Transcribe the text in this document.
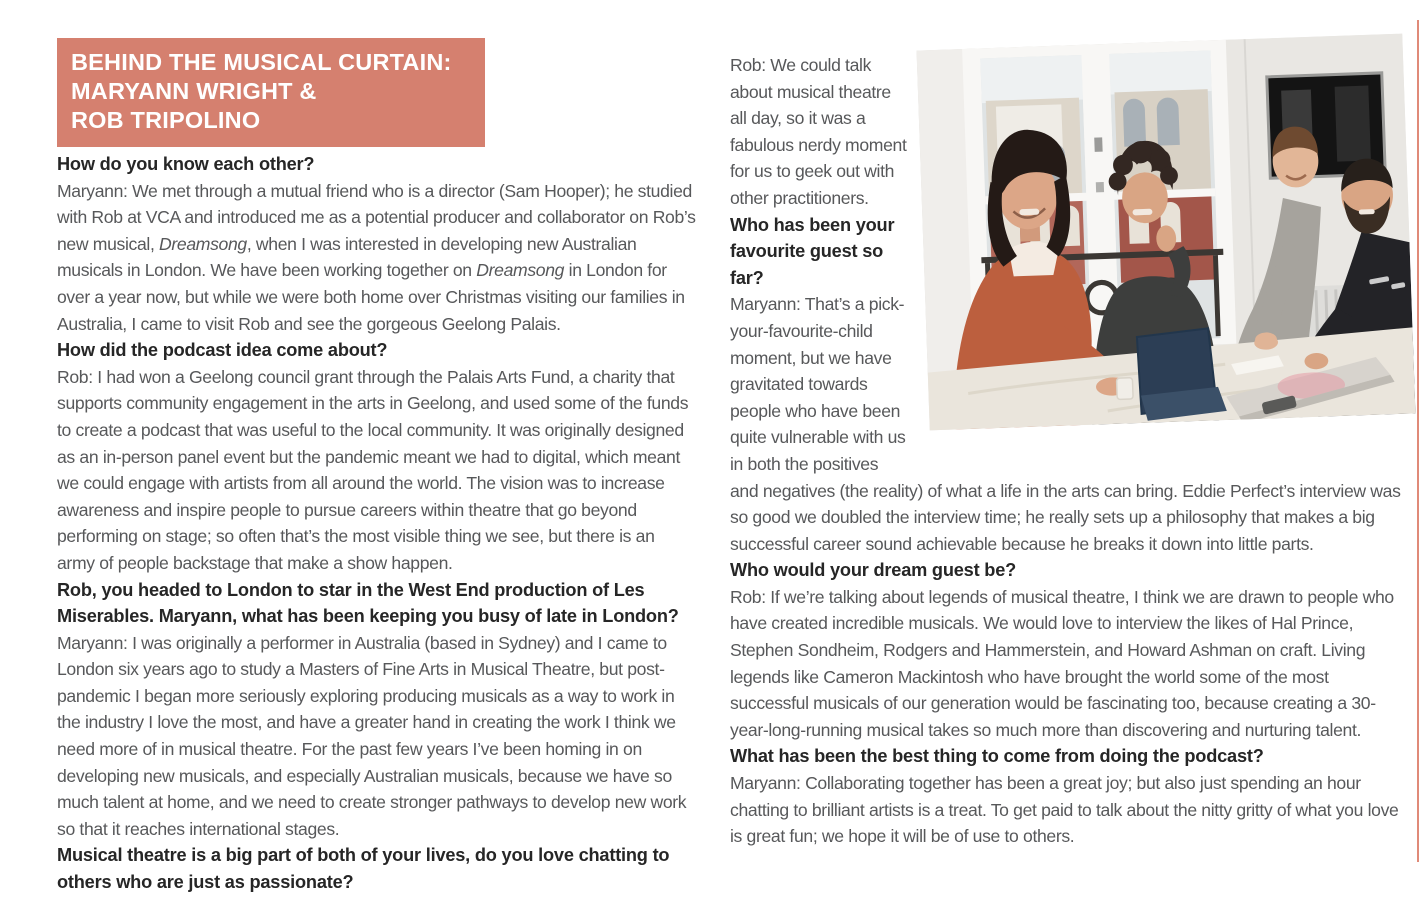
BEHIND THE MUSICAL CURTAIN:
MARYANN WRIGHT &
ROB TRIPOLINO
How do you know each other?

Maryann: We met through a mutual friend who is a director (Sam Hooper); he studied with Rob at VCA and introduced me as a potential producer and collaborator on Rob’s new musical, Dreamsong, when I was interested in developing new Australian musicals in London. We have been working together on Dreamsong in London for over a year now, but while we were both home over Christmas visiting our families in Australia, I came to visit Rob and see the gorgeous Geelong Palais.

How did the podcast idea come about?

Rob: I had won a Geelong council grant through the Palais Arts Fund, a charity that supports community engagement in the arts in Geelong, and used some of the funds to create a podcast that was useful to the local community. It was originally designed as an in-person panel event but the pandemic meant we had to digital, which meant we could engage with artists from all around the world. The vision was to increase awareness and inspire people to pursue careers within theatre that go beyond performing on stage; so often that’s the most visible thing we see, but there is an army of people backstage that make a show happen.

Rob, you headed to London to star in the West End production of Les Miserables. Maryann, what has been keeping you busy of late in London?

Maryann: I was originally a performer in Australia (based in Sydney) and I came to London six years ago to study a Masters of Fine Arts in Musical Theatre, but post-pandemic I began more seriously exploring producing musicals as a way to work in the industry I love the most, and have a greater hand in creating the work I think we need more of in musical theatre. For the past few years I’ve been homing in on developing new musicals, and especially Australian musicals, because we have so much talent at home, and we need to create stronger pathways to develop new work so that it reaches international stages.

Musical theatre is a big part of both of your lives, do you love chatting to others who are just as passionate?

Rob: We could talk about musical theatre all day, so it was a fabulous nerdy moment for us to geek out with other practitioners.

Who has been your favourite guest so far?

Maryann: That’s a pick-your-favourite-child moment, but we have gravitated towards people who have been quite vulnerable with us in both the positives and negatives (the reality) of what a life in the arts can bring. Eddie Perfect’s interview was so good we doubled the interview time; he really sets up a philosophy that makes a big successful career sound achievable because he breaks it down into little parts.

Who would your dream guest be?

Rob: If we’re talking about legends of musical theatre, I think we are drawn to people who have created incredible musicals. We would love to interview the likes of Hal Prince, Stephen Sondheim, Rodgers and Hammerstein, and Howard Ashman on craft. Living legends like Cameron Mackintosh who have brought the world some of the most successful musicals of our generation would be fascinating too, because creating a 30-year-long-running musical takes so much more than discovering and nurturing talent.

What has been the best thing to come from doing the podcast?

Maryann: Collaborating together has been a great joy; but also just spending an hour chatting to brilliant artists is a treat. To get paid to talk about the nitty gritty of what you love is great fun; we hope it will be of use to others.
